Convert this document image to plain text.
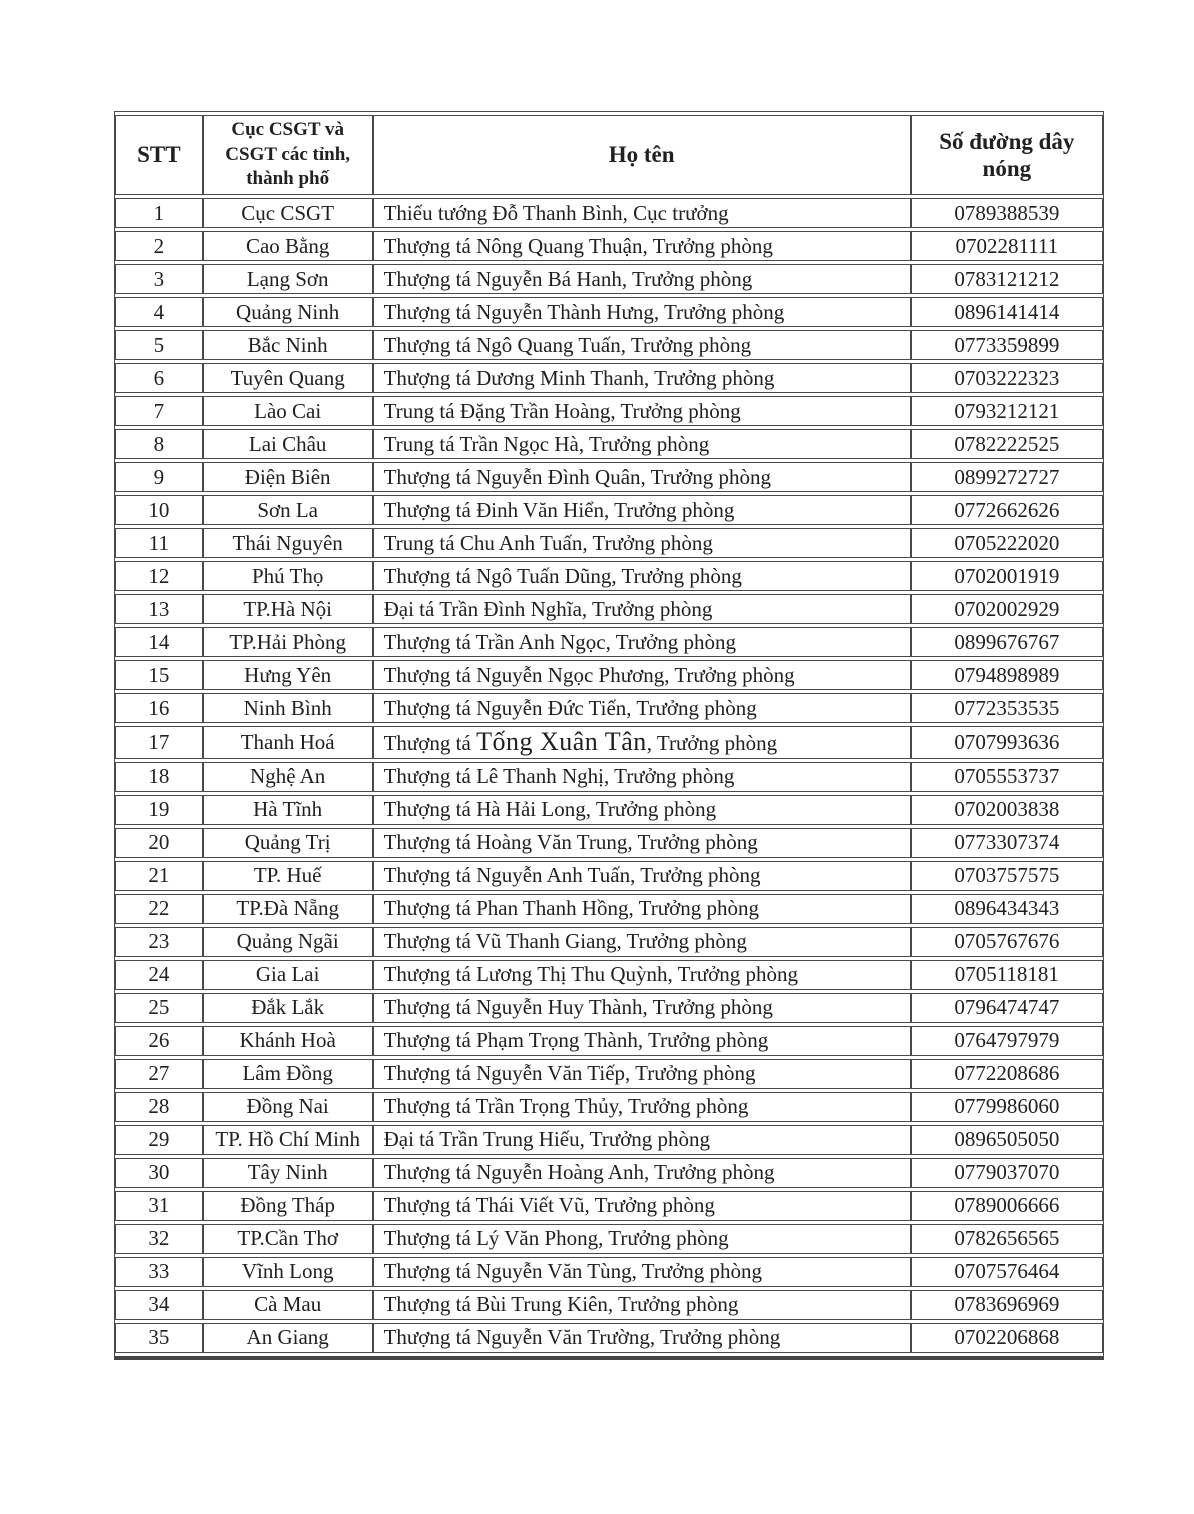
STT	Cục CSGT và CSGT các tỉnh, thành phố	Họ tên	Số đường dây nóng
1	Cục CSGT	Thiếu tướng Đỗ Thanh Bình, Cục trưởng	0789388539
2	Cao Bằng	Thượng tá Nông Quang Thuận, Trưởng phòng	0702281111
3	Lạng Sơn	Thượng tá Nguyễn Bá Hanh, Trưởng phòng	0783121212
4	Quảng Ninh	Thượng tá Nguyễn Thành Hưng, Trưởng phòng	0896141414
5	Bắc Ninh	Thượng tá Ngô Quang Tuấn, Trưởng phòng	0773359899
6	Tuyên Quang	Thượng tá Dương Minh Thanh, Trưởng phòng	0703222323
7	Lào Cai	Trung tá Đặng Trần Hoàng, Trưởng phòng	0793212121
8	Lai Châu	Trung tá Trần Ngọc Hà, Trưởng phòng	0782222525
9	Điện Biên	Thượng tá Nguyễn Đình Quân, Trưởng phòng	0899272727
10	Sơn La	Thượng tá Đinh Văn Hiển, Trưởng phòng	0772662626
11	Thái Nguyên	Trung tá Chu Anh Tuấn, Trưởng phòng	0705222020
12	Phú Thọ	Thượng tá Ngô Tuấn Dũng, Trưởng phòng	0702001919
13	TP.Hà Nội	Đại tá Trần Đình Nghĩa, Trưởng phòng	0702002929
14	TP.Hải Phòng	Thượng tá Trần Anh Ngọc, Trưởng phòng	0899676767
15	Hưng Yên	Thượng tá Nguyễn Ngọc Phương, Trưởng phòng	0794898989
16	Ninh Bình	Thượng tá Nguyễn Đức Tiến, Trưởng phòng	0772353535
17	Thanh Hoá	Thượng tá Tống Xuân Tân, Trưởng phòng	0707993636
18	Nghệ An	Thượng tá Lê Thanh Nghị, Trưởng phòng	0705553737
19	Hà Tĩnh	Thượng tá Hà Hải Long, Trưởng phòng	0702003838
20	Quảng Trị	Thượng tá Hoàng Văn Trung, Trưởng phòng	0773307374
21	TP. Huế	Thượng tá Nguyễn Anh Tuấn, Trưởng phòng	0703757575
22	TP.Đà Nẵng	Thượng tá Phan Thanh Hồng, Trưởng phòng	0896434343
23	Quảng Ngãi	Thượng tá Vũ Thanh Giang, Trưởng phòng	0705767676
24	Gia Lai	Thượng tá Lương Thị Thu Quỳnh, Trưởng phòng	0705118181
25	Đắk Lắk	Thượng tá Nguyễn Huy Thành, Trưởng phòng	0796474747
26	Khánh Hoà	Thượng tá Phạm Trọng Thành, Trưởng phòng	0764797979
27	Lâm Đồng	Thượng tá Nguyễn Văn Tiếp, Trưởng phòng	0772208686
28	Đồng Nai	Thượng tá Trần Trọng Thủy, Trưởng phòng	0779986060
29	TP. Hồ Chí Minh	Đại tá Trần Trung Hiếu, Trưởng phòng	0896505050
30	Tây Ninh	Thượng tá Nguyễn Hoàng Anh, Trưởng phòng	0779037070
31	Đồng Tháp	Thượng tá Thái Viết Vũ, Trưởng phòng	0789006666
32	TP.Cần Thơ	Thượng tá Lý Văn Phong, Trưởng phòng	0782656565
33	Vĩnh Long	Thượng tá Nguyễn Văn Tùng, Trưởng phòng	0707576464
34	Cà Mau	Thượng tá Bùi Trung Kiên, Trưởng phòng	0783696969
35	An Giang	Thượng tá Nguyễn Văn Trường, Trưởng phòng	0702206868
